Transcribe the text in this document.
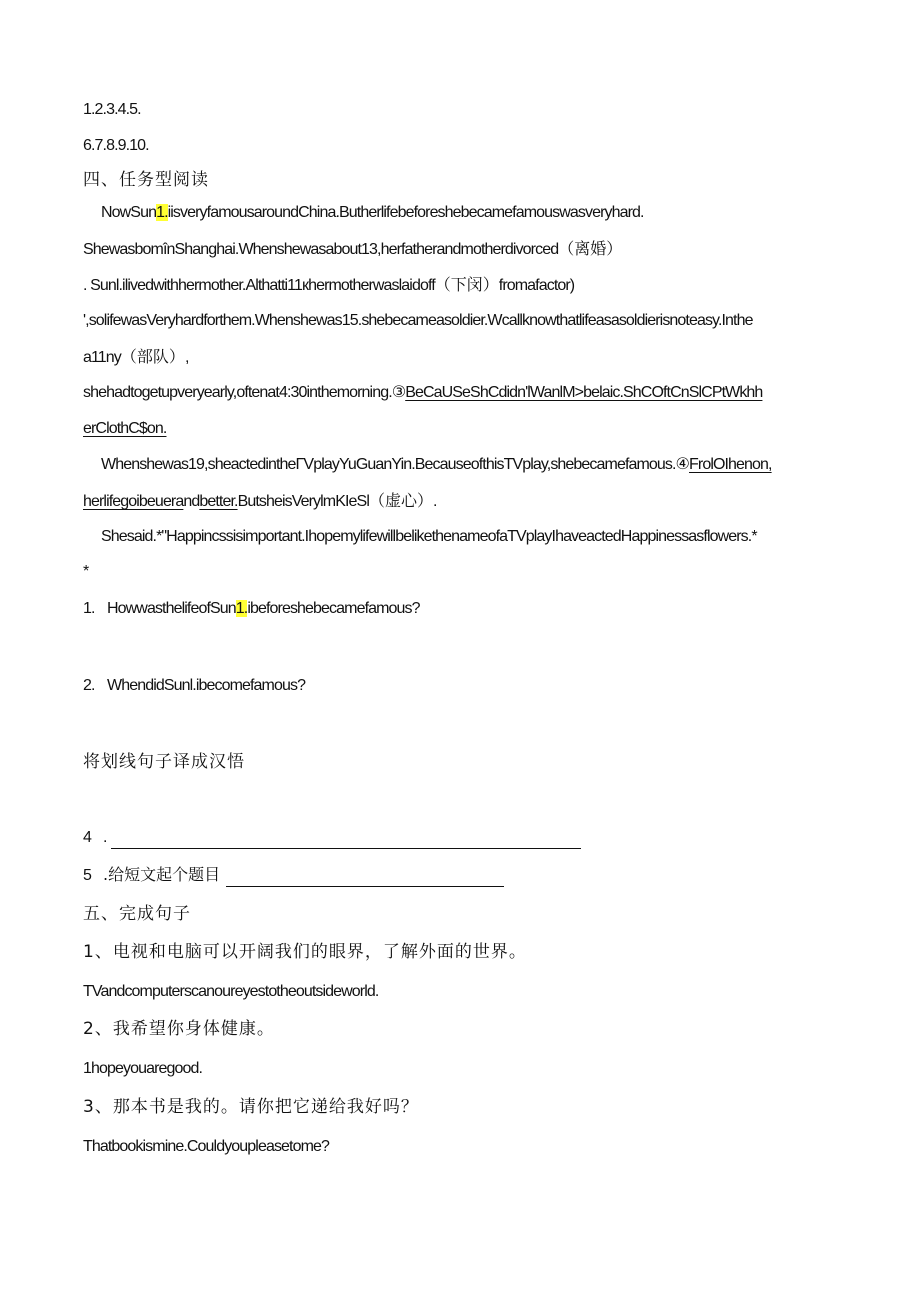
1.2.3.4.5.
6.7.8.9.10.
四、任务型阅读
NowSun1.iisveryfamousaroundChina.Butherlifebeforeshebecamefamouswasveryhard.
ShewasbomînShanghai.Whenshewasabout13,herfatherandmotherdivorced（离婚）
. Sunl.ilivedwithhermother.Althatti11кhermotherwaslaidoff（下闵）fromafactor)
',solifewasVeryhardforthem.Whenshewas15.shebecameasoldier.Wcallknowthatlifeasasoldierisnoteasy.Inthe
a11ny（部队）,
shehadtogetupveryearly,oftenat4:30inthemorning.③BeCaUSeShCdidn'lWanlM>belaic.ShCOftCnSlCPtWkhh
erClothC$on.
Whenshewas19,sheactedintheΓVplayYuGuanYin.BecauseofthisTVplay,shebecamefamous.④FrolOIhenon,
herlifegoibeuerandbetter.ButsheisVerylmKIeSl（虚心）.
Shesaid.*"Happincssisimportant.IhopemylifewillbelikethenameofaTVplayIhaveactedHappinessasflowers.*
*
1. HowwasthelifeofSun1.ibeforeshebecamefamous?
2. WhendidSunl.ibecomefamous?
将划线句子译成汉悟
4 .
5 .给短文起个题目
五、完成句子
1、电视和电脑可以开阔我们的眼界，了解外面的世界。
TVandcomputerscanoureyestotheoutsideworld.
2、我希望你身体健康。
1hopeyouaregood.
3、那本书是我的。请你把它递给我好吗？
Thatbookismine.Couldyoupleasetome?
